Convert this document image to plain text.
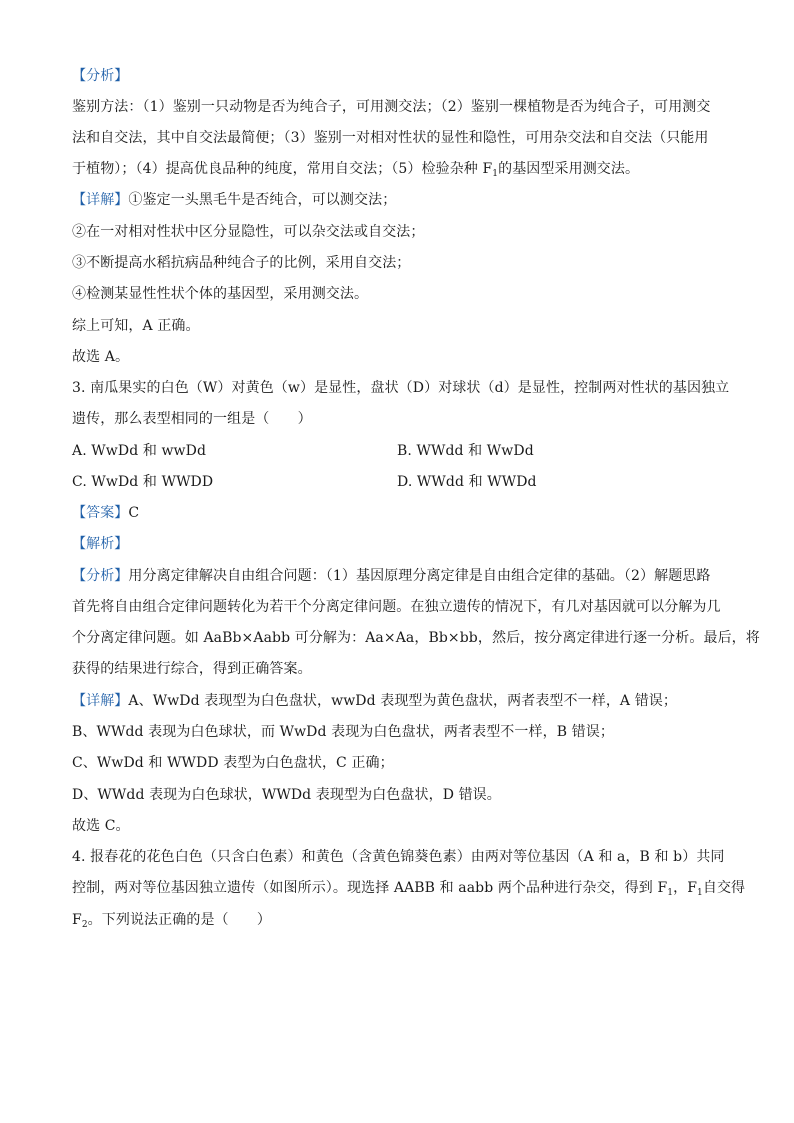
【分析】
鉴别方法：（1）鉴别一只动物是否为纯合子，可用测交法；（2）鉴别一棵植物是否为纯合子，可用测交
法和自交法，其中自交法最简便；（3）鉴别一对相对性状的显性和隐性，可用杂交法和自交法（只能用
于植物）；（4）提高优良品种的纯度，常用自交法；（5）检验杂种 $F_1$的基因型采用测交法。
【详解】①鉴定一头黑毛牛是否纯合，可以测交法；
②在一对相对性状中区分显隐性，可以杂交法或自交法；
③不断提高水稻抗病品种纯合子的比例，采用自交法；
④检测某显性性状个体的基因型，采用测交法。
综上可知，A 正确。
故选 A。
3. 南瓜果实的白色（W）对黄色（w）是显性，盘状（D）对球状（d）是显性，控制两对性状的基因独立
遗传，那么表型相同的一组是（　　）
A. WwDd 和 wwDd	B. WWdd 和 WwDd
C. WwDd 和 WWDD	D. WWdd 和 WWDd
【答案】C
【解析】
【分析】用分离定律解决自由组合问题：（1）基因原理分离定律是自由组合定律的基础。（2）解题思路
首先将自由组合定律问题转化为若干个分离定律问题。在独立遗传的情况下，有几对基因就可以分解为几
个分离定律问题。如 AaBb×Aabb 可分解为：Aa×Aa，Bb×bb，然后，按分离定律进行逐一分析。最后，将
获得的结果进行综合，得到正确答案。
【详解】A、WwDd 表现型为白色盘状，wwDd 表现型为黄色盘状，两者表型不一样，A 错误；
B、WWdd 表现为白色球状，而 WwDd 表现为白色盘状，两者表型不一样，B 错误；
C、WwDd 和 WWDD 表型为白色盘状，C 正确；
D、WWdd 表现为白色球状，WWDd 表现型为白色盘状，D 错误。
故选 C。
4. 报春花的花色白色（只含白色素）和黄色（含黄色锦葵色素）由两对等位基因（A 和 a，B 和 b）共同
控制，两对等位基因独立遗传（如图所示）。现选择 AABB 和 aabb 两个品种进行杂交，得到 $F_1$，$F_1$自交得
$F_2$。下列说法正确的是（　　）
